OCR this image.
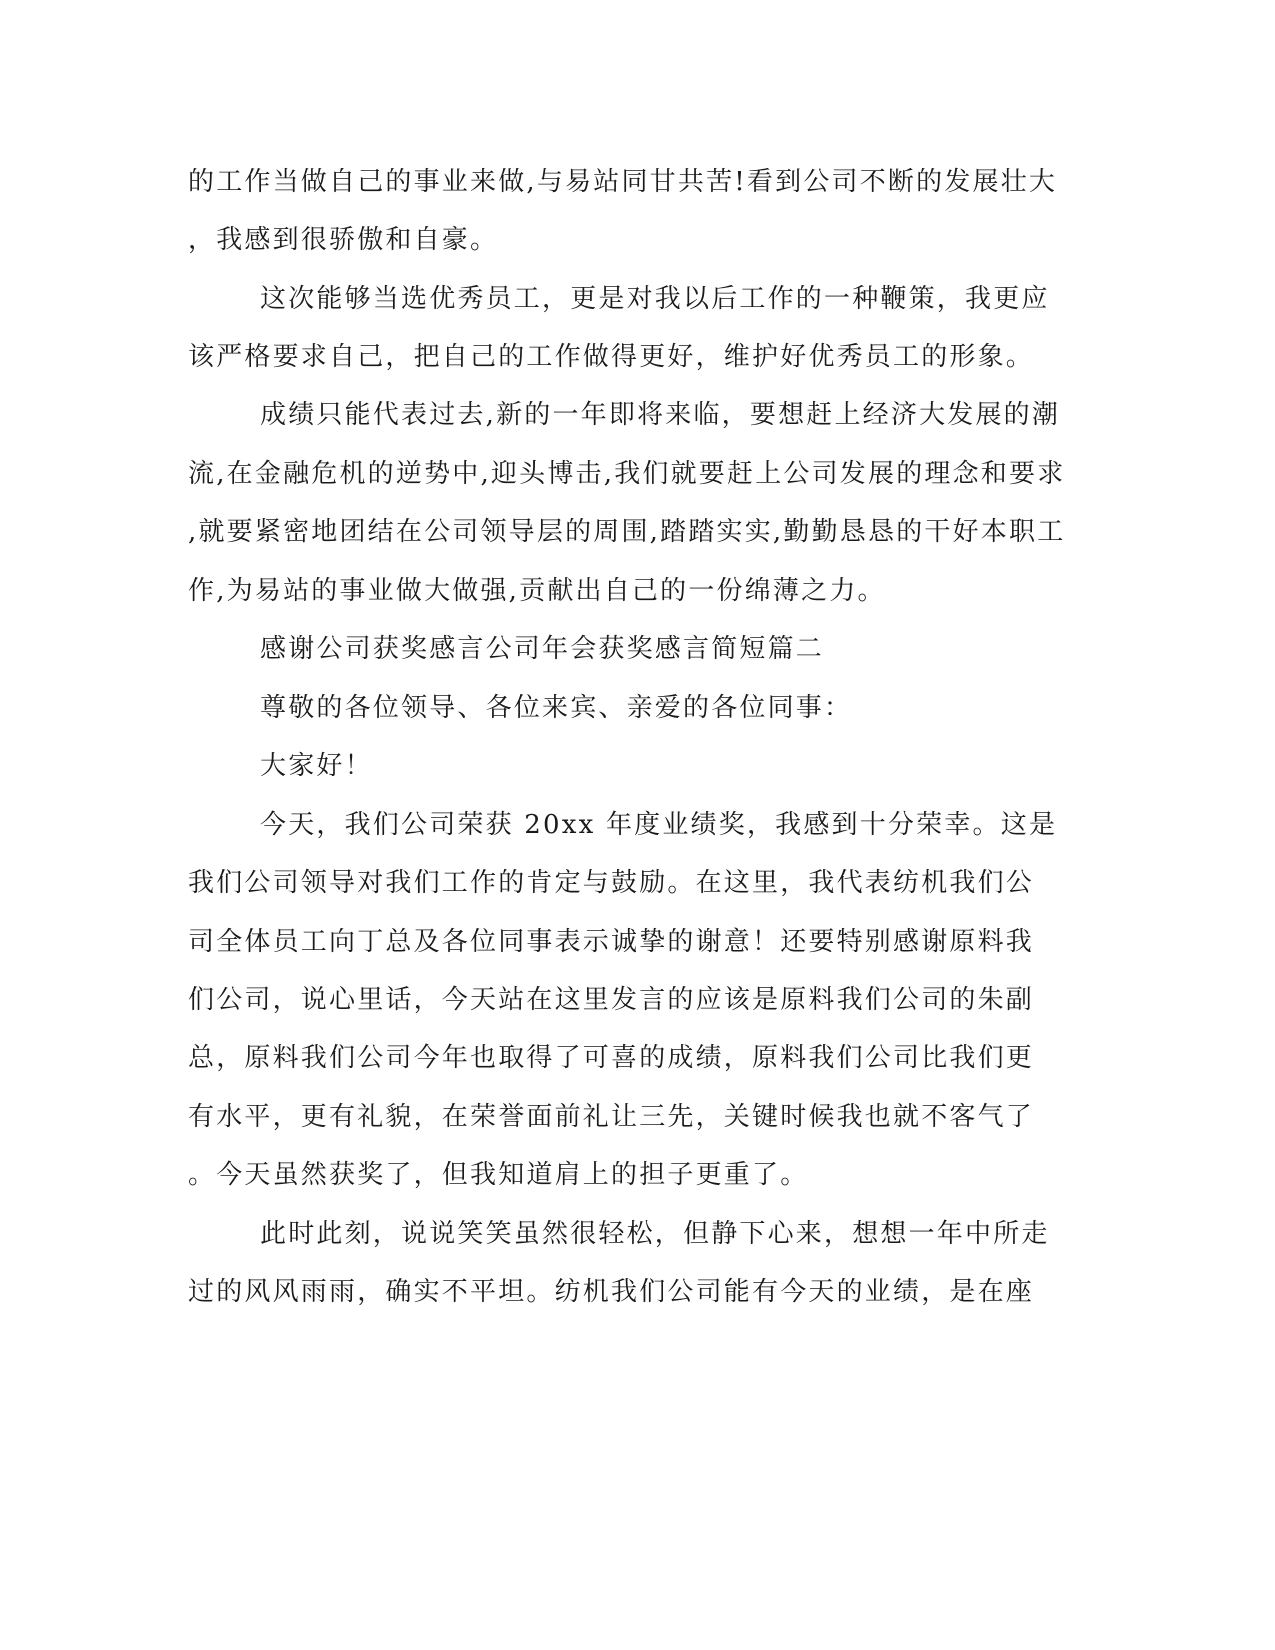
的工作当做自己的事业来做,与易站同甘共苦!看到公司不断的发展壮大
，我感到很骄傲和自豪。
这次能够当选优秀员工，更是对我以后工作的一种鞭策，我更应
该严格要求自己，把自己的工作做得更好，维护好优秀员工的形象。
成绩只能代表过去,新的一年即将来临，要想赶上经济大发展的潮
流,在金融危机的逆势中,迎头博击,我们就要赶上公司发展的理念和要求
,就要紧密地团结在公司领导层的周围,踏踏实实,勤勤恳恳的干好本职工
作,为易站的事业做大做强,贡献出自己的一份绵薄之力。
感谢公司获奖感言公司年会获奖感言简短篇二
尊敬的各位领导、各位来宾、亲爱的各位同事：
大家好！
今天，我们公司荣获 20xx 年度业绩奖，我感到十分荣幸。这是
我们公司领导对我们工作的肯定与鼓励。在这里，我代表纺机我们公
司全体员工向丁总及各位同事表示诚挚的谢意！还要特别感谢原料我
们公司，说心里话，今天站在这里发言的应该是原料我们公司的朱副
总，原料我们公司今年也取得了可喜的成绩，原料我们公司比我们更
有水平，更有礼貌，在荣誉面前礼让三先，关键时候我也就不客气了
。今天虽然获奖了，但我知道肩上的担子更重了。
此时此刻，说说笑笑虽然很轻松，但静下心来，想想一年中所走
过的风风雨雨，确实不平坦。纺机我们公司能有今天的业绩，是在座
